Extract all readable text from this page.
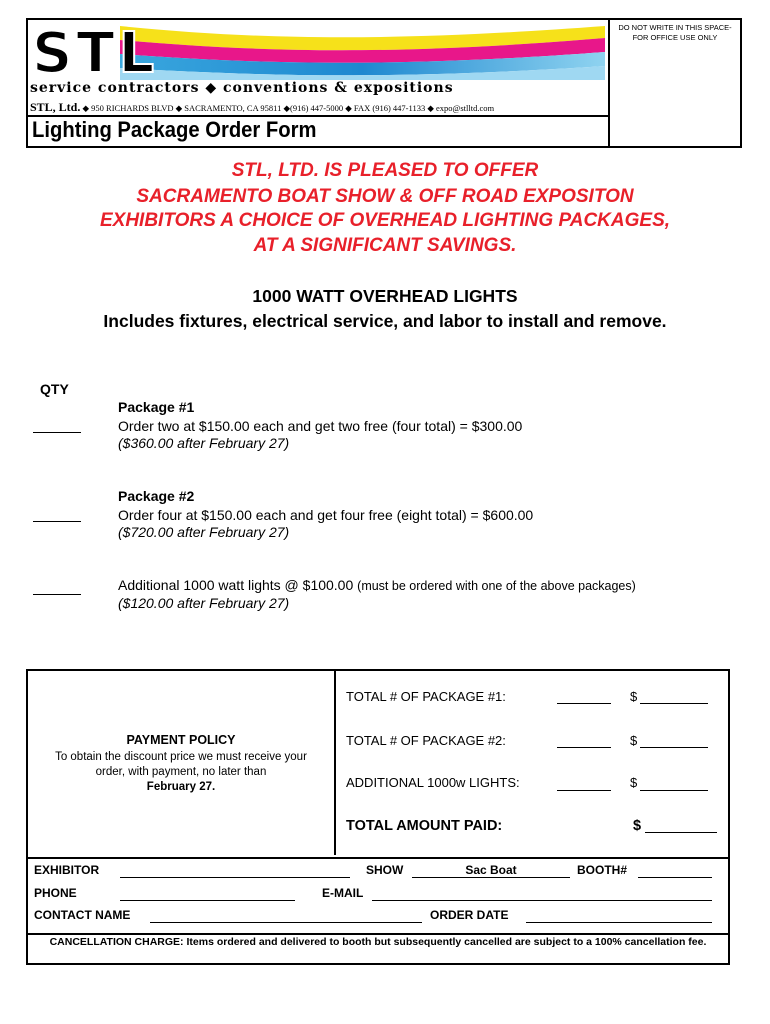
DO NOT WRITE IN THIS SPACE- FOR OFFICE USE ONLY
STL
service contractors ◆ conventions & expositions
STL, Ltd. ◆ 950 RICHARDS BLVD ◆ SACRAMENTO, CA 95811 ◆(916) 447-5000 ◆ FAX (916) 447-1133 ◆ expo@stlltd.com
Lighting Package Order Form
STL, LTD. IS PLEASED TO OFFER
SACRAMENTO BOAT SHOW & OFF ROAD EXPOSITON
EXHIBITORS A CHOICE OF OVERHEAD LIGHTING PACKAGES,
AT A SIGNIFICANT SAVINGS.
1000 WATT OVERHEAD LIGHTS
Includes fixtures, electrical service, and labor to install and remove.
QTY
Package #1
Order two at $150.00 each and get two free (four total) = $300.00
($360.00 after February 27)
Package #2
Order four at $150.00 each and get four free (eight total) = $600.00
($720.00 after February 27)
Additional 1000 watt lights @ $100.00 (must be ordered with one of the above packages)
($120.00 after February 27)
PAYMENT POLICY
To obtain the discount price we must receive your order, with payment, no later than
February 27.
TOTAL # OF PACKAGE #1:	$
TOTAL # OF PACKAGE #2:	$
ADDITIONAL 1000w LIGHTS:	$
TOTAL AMOUNT PAID:	$
EXHIBITOR	SHOW	Sac Boat	BOOTH#
PHONE	E-MAIL
CONTACT NAME	ORDER DATE
CANCELLATION CHARGE: Items ordered and delivered to booth but subsequently cancelled are subject to a 100% cancellation fee.
